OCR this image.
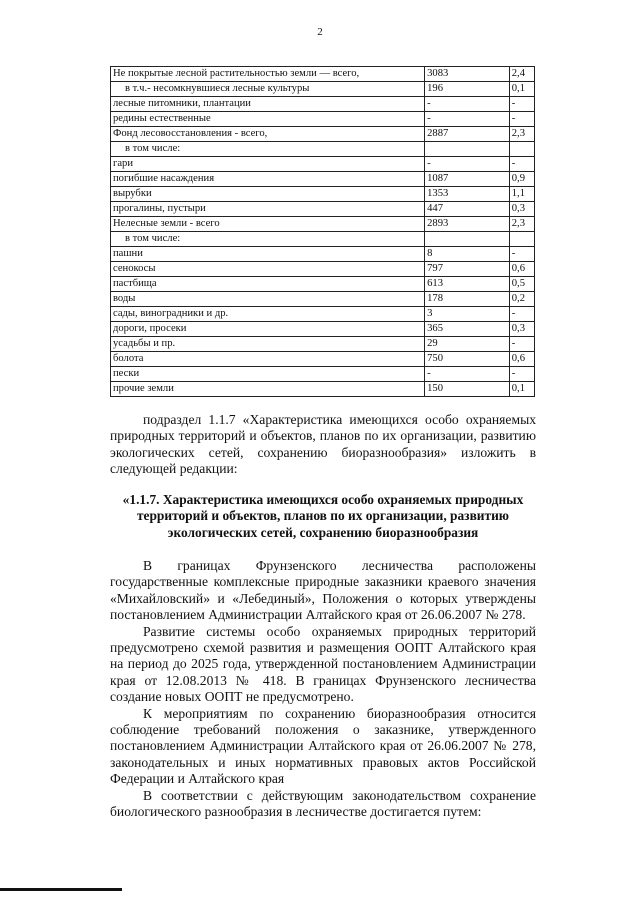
2
Не покрытые лесной растительностью земли — всего,	3083	2,4
в т.ч.- несомкнувшиеся лесные культуры	196	0,1
лесные питомники, плантации	-	-
редины естественные	-	-
Фонд лесовосстановления - всего,	2887	2,3
в том числе:		
гари	-	-
погибшие насаждения	1087	0,9
вырубки	1353	1,1
прогалины, пустыри	447	0,3
Нелесные земли - всего	2893	2,3
в том числе:		
пашни	8	-
сенокосы	797	0,6
пастбища	613	0,5
воды	178	0,2
сады, виноградники и др.	3	-
дороги, просеки	365	0,3
усадьбы и пр.	29	-
болота	750	0,6
пески	-	-
прочие земли	150	0,1

подраздел 1.1.7 «Характеристика имеющихся особо охраняемых природных территорий и объектов, планов по их организации, развитию экологических сетей, сохранению биоразнообразия» изложить в следующей редакции:

«1.1.7. Характеристика имеющихся особо охраняемых природных территорий и объектов, планов по их организации, развитию экологических сетей, сохранению биоразнообразия

В границах Фрунзенского лесничества расположены государственные комплексные природные заказники краевого значения «Михайловский» и «Лебединый», Положения о которых утверждены постановлением Администрации Алтайского края от 26.06.2007 № 278.

Развитие системы особо охраняемых природных территорий предусмотрено схемой развития и размещения ООПТ Алтайского края на период до 2025 года, утвержденной постановлением Администрации края от 12.08.2013 № 418. В границах Фрунзенского лесничества создание новых ООПТ не предусмотрено.

К мероприятиям по сохранению биоразнообразия относится соблюдение требований положения о заказнике, утвержденного постановлением Администрации Алтайского края от 26.06.2007 № 278, законодательных и иных нормативных правовых актов Российской Федерации и Алтайского края

В соответствии с действующим законодательством сохранение биологического разнообразия в лесничестве достигается путем:
